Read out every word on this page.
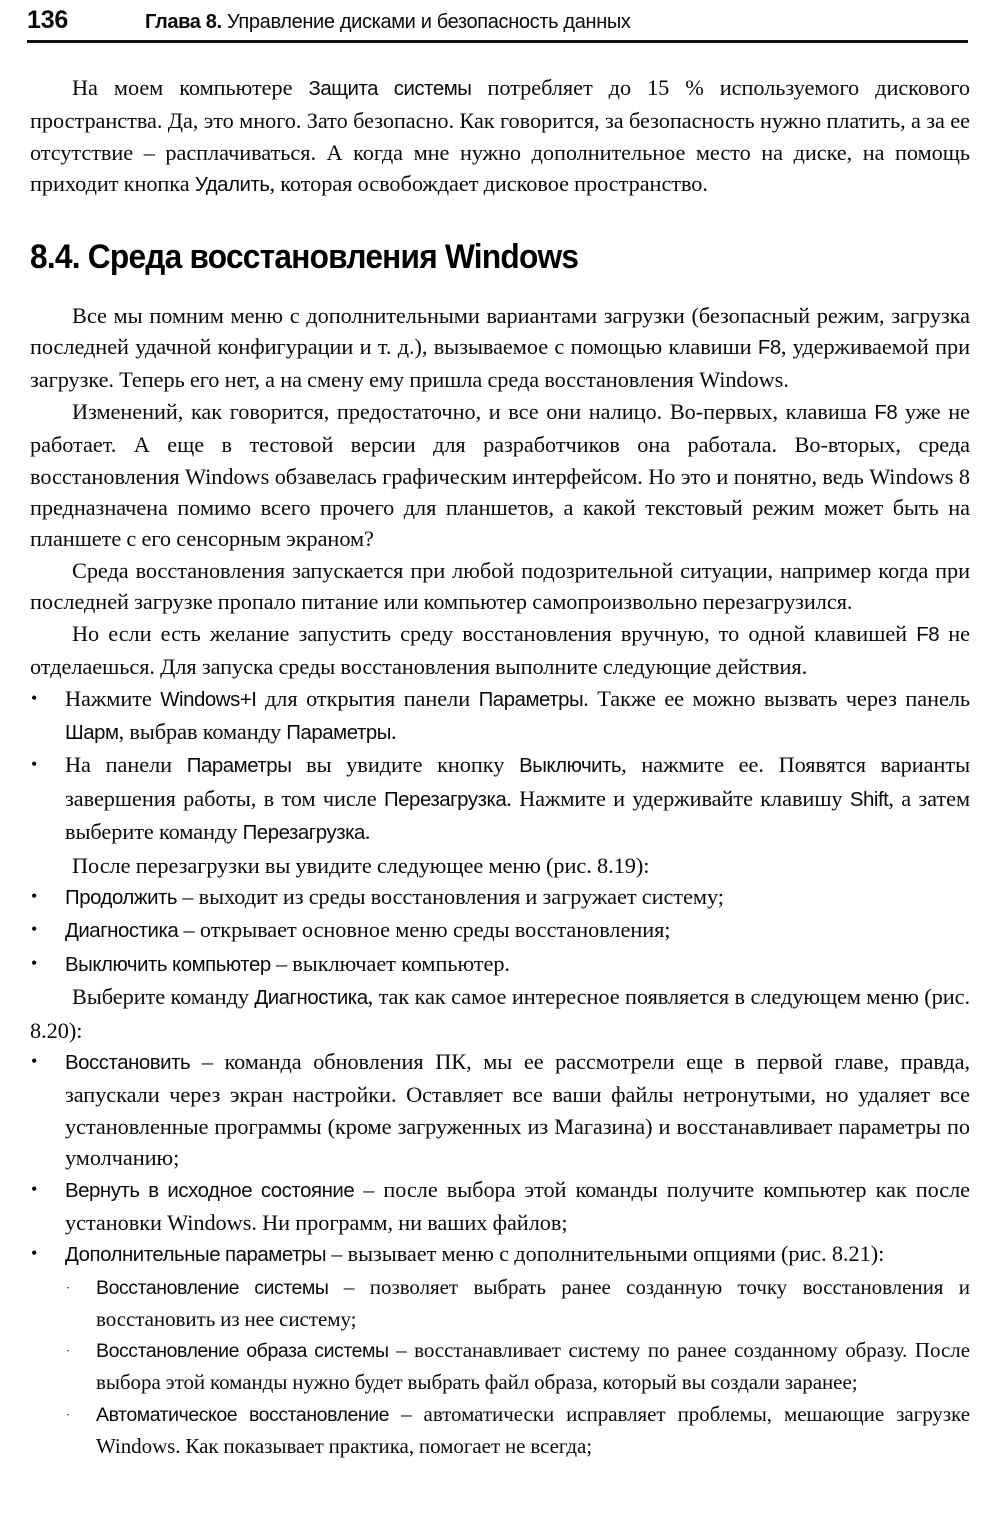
136	Глава 8. Управление дисками и безопасность данных

На моем компьютере Защита системы потребляет до 15 % используемого дискового пространства. Да, это много. Зато безопасно. Как говорится, за безопасность нужно платить, а за ее отсутствие – расплачиваться. А когда мне нужно дополнительное место на диске, на помощь приходит кнопка Удалить, которая освобождает дисковое пространство.

8.4. Среда восстановления Windows

Все мы помним меню с дополнительными вариантами загрузки (безопасный режим, загрузка последней удачной конфигурации и т. д.), вызываемое с помощью клавиши F8, удерживаемой при загрузке. Теперь его нет, а на смену ему пришла среда восстановления Windows.

Изменений, как говорится, предостаточно, и все они налицо. Во-первых, клавиша F8 уже не работает. А еще в тестовой версии для разработчиков она работала. Во-вторых, среда восстановления Windows обзавелась графическим интерфейсом. Но это и понятно, ведь Windows 8 предназначена помимо всего прочего для планшетов, а какой текстовый режим может быть на планшете с его сенсорным экраном?

Среда восстановления запускается при любой подозрительной ситуации, например когда при последней загрузке пропало питание или компьютер самопроизвольно перезагрузился.

Но если есть желание запустить среду восстановления вручную, то одной клавишей F8 не отделаешься. Для запуска среды восстановления выполните следующие действия.

•	Нажмите Windows+I для открытия панели Параметры. Также ее можно вызвать через панель Шарм, выбрав команду Параметры.
•	На панели Параметры вы увидите кнопку Выключить, нажмите ее. Появятся варианты завершения работы, в том числе Перезагрузка. Нажмите и удерживайте клавишу Shift, а затем выберите команду Перезагрузка.

После перезагрузки вы увидите следующее меню (рис. 8.19):

•	Продолжить – выходит из среды восстановления и загружает систему;
•	Диагностика – открывает основное меню среды восстановления;
•	Выключить компьютер – выключает компьютер.

Выберите команду Диагностика, так как самое интересное появляется в следующем меню (рис. 8.20):

•	Восстановить – команда обновления ПК, мы ее рассмотрели еще в первой главе, правда, запускали через экран настройки. Оставляет все ваши файлы нетронутыми, но удаляет все установленные программы (кроме загруженных из Магазина) и восстанавливает параметры по умолчанию;
•	Вернуть в исходное состояние – после выбора этой команды получите компьютер как после установки Windows. Ни программ, ни ваших файлов;
•	Дополнительные параметры – вызывает меню с дополнительными опциями (рис. 8.21):
·	Восстановление системы – позволяет выбрать ранее созданную точку восстановления и восстановить из нее систему;
·	Восстановление образа системы – восстанавливает систему по ранее созданному образу. После выбора этой команды нужно будет выбрать файл образа, который вы создали заранее;
·	Автоматическое восстановление – автоматически исправляет проблемы, мешающие загрузке Windows. Как показывает практика, помогает не всегда;
